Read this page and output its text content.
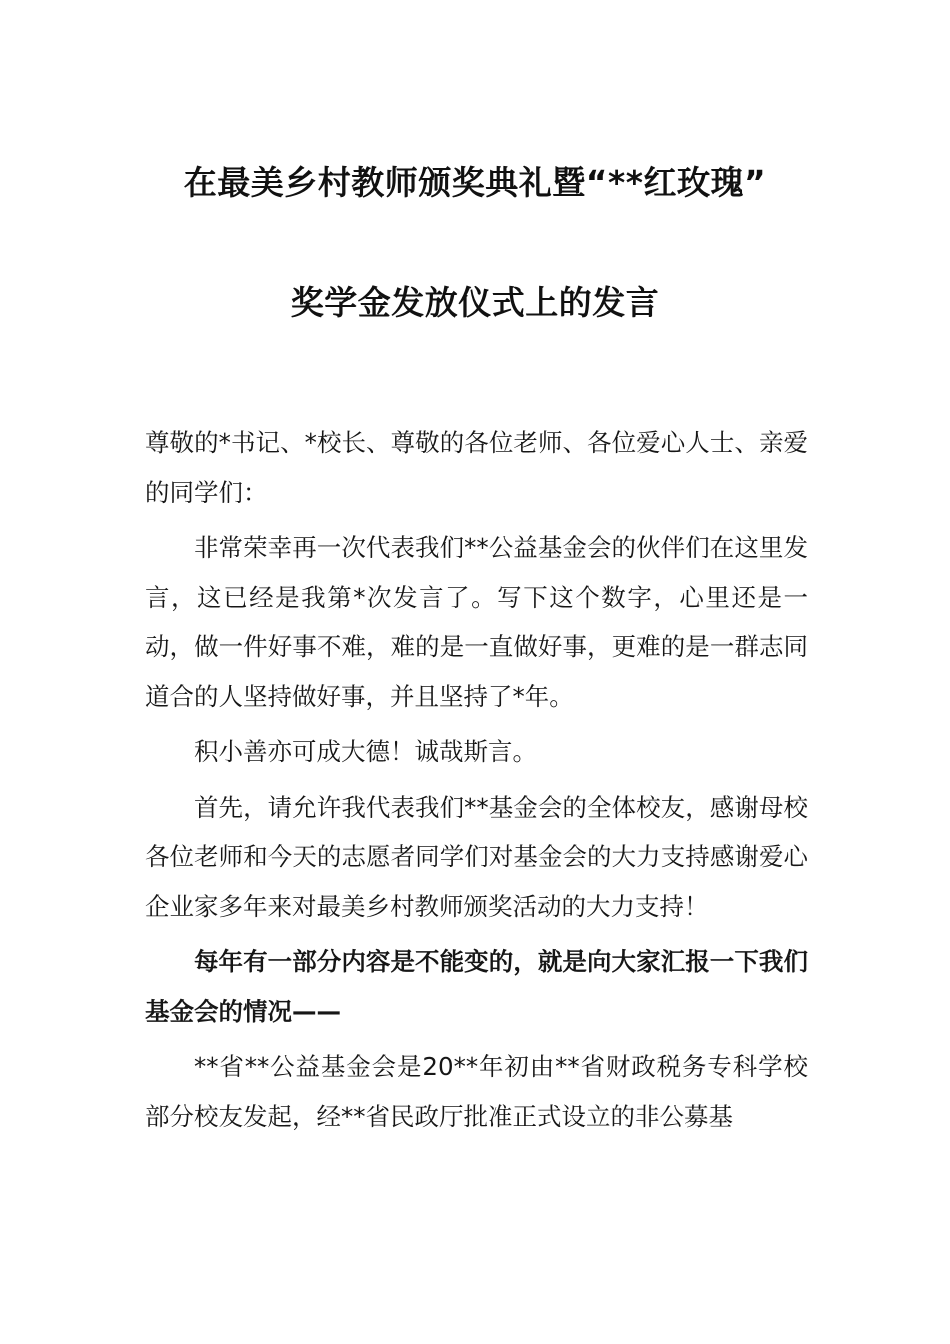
在最美乡村教师颁奖典礼暨“**红玫瑰”
奖学金发放仪式上的发言

尊敬的*书记、*校长、尊敬的各位老师、各位爱心人士、亲爱的同学们：

非常荣幸再一次代表我们**公益基金会的伙伴们在这里发言，这已经是我第*次发言了。写下这个数字，心里还是一动，做一件好事不难，难的是一直做好事，更难的是一群志同道合的人坚持做好事，并且坚持了*年。

积小善亦可成大德！诚哉斯言。

首先，请允许我代表我们**基金会的全体校友，感谢母校各位老师和今天的志愿者同学们对基金会的大力支持感谢爱心企业家多年来对最美乡村教师颁奖活动的大力支持！

每年有一部分内容是不能变的，就是向大家汇报一下我们基金会的情况——

**省**公益基金会是20**年初由**省财政税务专科学校部分校友发起，经**省民政厅批准正式设立的非公募基
